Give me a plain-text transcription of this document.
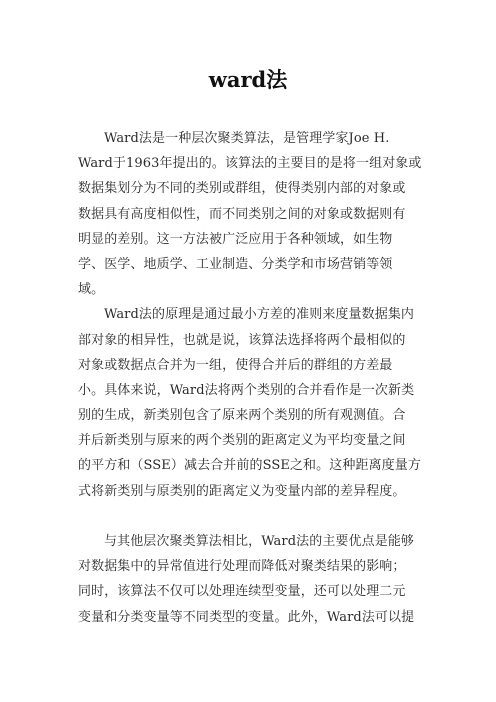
ward法

Ward法是一种层次聚类算法，是管理学家Joe H.
Ward于1963年提出的。该算法的主要目的是将一组对象或
数据集划分为不同的类别或群组，使得类别内部的对象或
数据具有高度相似性，而不同类别之间的对象或数据则有
明显的差别。这一方法被广泛应用于各种领域，如生物
学、医学、地质学、工业制造、分类学和市场营销等领
域。

Ward法的原理是通过最小方差的准则来度量数据集内
部对象的相异性，也就是说，该算法选择将两个最相似的
对象或数据点合并为一组，使得合并后的群组的方差最
小。具体来说，Ward法将两个类别的合并看作是一次新类
别的生成，新类别包含了原来两个类别的所有观测值。合
并后新类别与原来的两个类别的距离定义为平均变量之间
的平方和（SSE）减去合并前的SSE之和。这种距离度量方
式将新类别与原类别的距离定义为变量内部的差异程度。

与其他层次聚类算法相比，Ward法的主要优点是能够
对数据集中的异常值进行处理而降低对聚类结果的影响；
同时，该算法不仅可以处理连续型变量，还可以处理二元
变量和分类变量等不同类型的变量。此外，Ward法可以提
